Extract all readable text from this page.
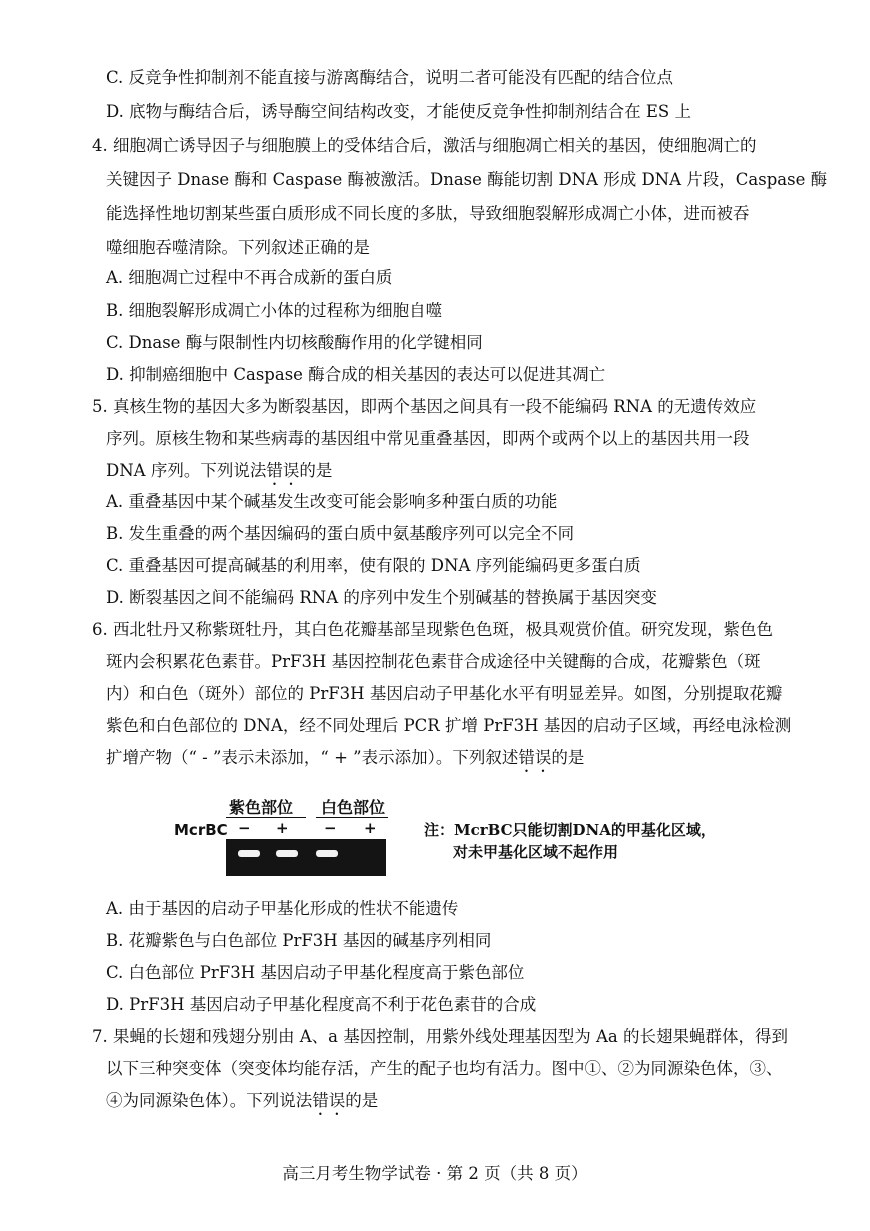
C. 反竞争性抑制剂不能直接与游离酶结合，说明二者可能没有匹配的结合位点
D. 底物与酶结合后，诱导酶空间结构改变，才能使反竞争性抑制剂结合在 ES 上
4. 细胞凋亡诱导因子与细胞膜上的受体结合后，激活与细胞凋亡相关的基因，使细胞凋亡的
关键因子 Dnase 酶和 Caspase 酶被激活。Dnase 酶能切割 DNA 形成 DNA 片段，Caspase 酶
能选择性地切割某些蛋白质形成不同长度的多肽，导致细胞裂解形成凋亡小体，进而被吞
噬细胞吞噬清除。下列叙述正确的是
A. 细胞凋亡过程中不再合成新的蛋白质
B. 细胞裂解形成凋亡小体的过程称为细胞自噬
C. Dnase 酶与限制性内切核酸酶作用的化学键相同
D. 抑制癌细胞中 Caspase 酶合成的相关基因的表达可以促进其凋亡
5. 真核生物的基因大多为断裂基因，即两个基因之间具有一段不能编码 RNA 的无遗传效应
序列。原核生物和某些病毒的基因组中常见重叠基因，即两个或两个以上的基因共用一段
DNA 序列。下列说法错误的是
A. 重叠基因中某个碱基发生改变可能会影响多种蛋白质的功能
B. 发生重叠的两个基因编码的蛋白质中氨基酸序列可以完全不同
C. 重叠基因可提高碱基的利用率，使有限的 DNA 序列能编码更多蛋白质
D. 断裂基因之间不能编码 RNA 的序列中发生个别碱基的替换属于基因突变
6. 西北牡丹又称紫斑牡丹，其白色花瓣基部呈现紫色色斑，极具观赏价值。研究发现，紫色色
斑内会积累花色素苷。PrF3H 基因控制花色素苷合成途径中关键酶的合成，花瓣紫色（斑
内）和白色（斑外）部位的 PrF3H 基因启动子甲基化水平有明显差异。如图，分别提取花瓣
紫色和白色部位的 DNA，经不同处理后 PCR 扩增 PrF3H 基因的启动子区域，再经电泳检测
扩增产物（“ - ”表示未添加，“ + ”表示添加）。下列叙述错误的是
紫色部位 白色部位
McrBC − + − +	注：McrBC只能切割DNA的甲基化区域，
对未甲基化区域不起作用
A. 由于基因的启动子甲基化形成的性状不能遗传
B. 花瓣紫色与白色部位 PrF3H 基因的碱基序列相同
C. 白色部位 PrF3H 基因启动子甲基化程度高于紫色部位
D. PrF3H 基因启动子甲基化程度高不利于花色素苷的合成
7. 果蝇的长翅和残翅分别由 A、a 基因控制，用紫外线处理基因型为 Aa 的长翅果蝇群体，得到
以下三种突变体（突变体均能存活，产生的配子也均有活力。图中①、②为同源染色体，③、
④为同源染色体）。下列说法错误的是
高三月考生物学试卷 · 第 2 页（共 8 页）
